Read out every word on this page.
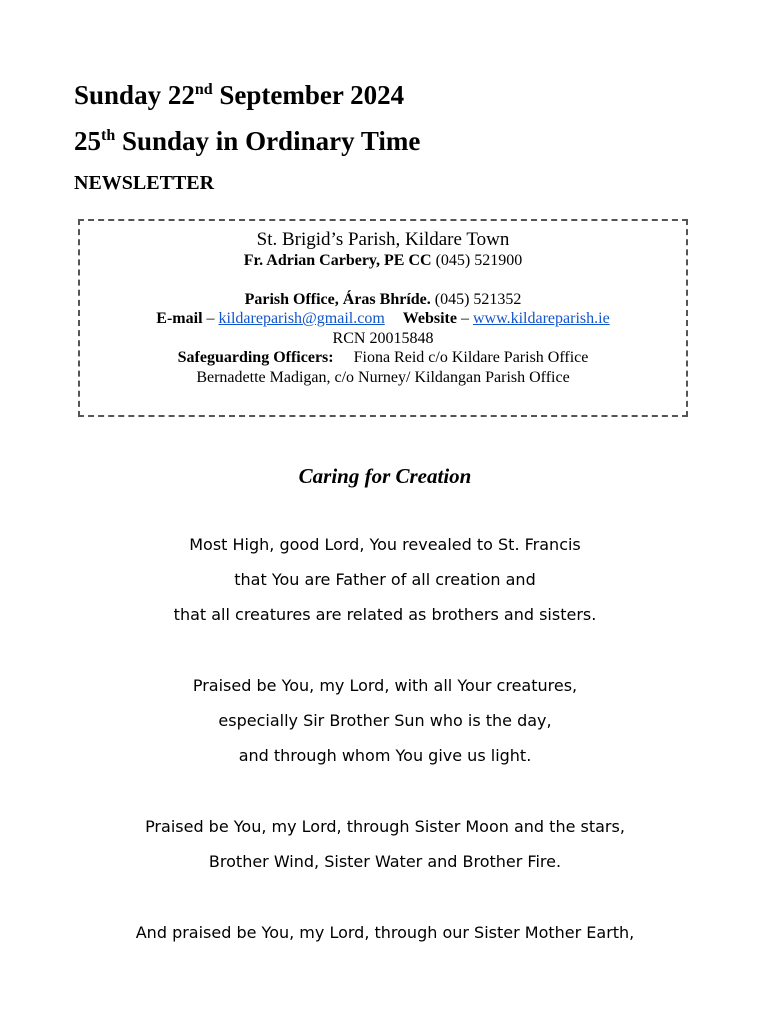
Sunday 22nd September 2024
25th Sunday in Ordinary Time
NEWSLETTER
St. Brigid’s Parish, Kildare Town
Fr. Adrian Carbery, PE CC (045) 521900
Parish Office, Áras Bhríde. (045) 521352
E-mail – kildareparish@gmail.com Website – www.kildareparish.ie
RCN 20015848
Safeguarding Officers: Fiona Reid c/o Kildare Parish Office
Bernadette Madigan, c/o Nurney/ Kildangan Parish Office
Caring for Creation
Most High, good Lord, You revealed to St. Francis
that You are Father of all creation and
that all creatures are related as brothers and sisters.
Praised be You, my Lord, with all Your creatures,
especially Sir Brother Sun who is the day,
and through whom You give us light.
Praised be You, my Lord, through Sister Moon and the stars,
Brother Wind, Sister Water and Brother Fire.
And praised be You, my Lord, through our Sister Mother Earth,
